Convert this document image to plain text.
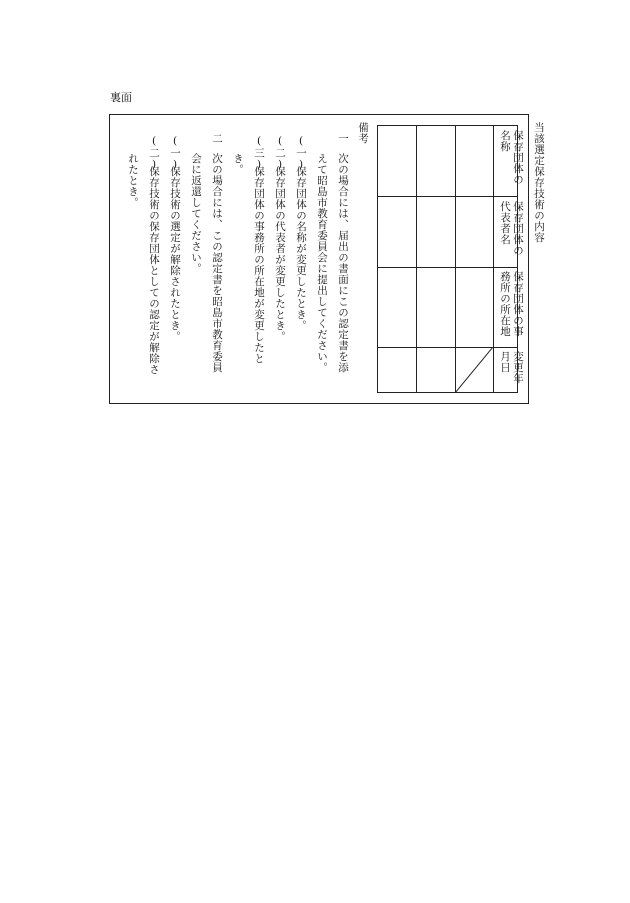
裏面
当該選定保存技術の内容
保存団体の名称
保存団体の代表者名
保存団体の事務所の所在地
変更年月日
備考
一
次の場合には、届出の書面にこの認定書を添
えて昭島市教育委員会に提出してください。
(一)
保存団体の名称が変更したとき。
(二)
保存団体の代表者が変更したとき。
(三)
保存団体の事務所の所在地が変更したと
き。
二
次の場合には、この認定書を昭島市教育委員
会に返還してください。
(一)
保存技術の選定が解除されたとき。
(二)
保存技術の保存団体としての認定が解除さ
れたとき。
